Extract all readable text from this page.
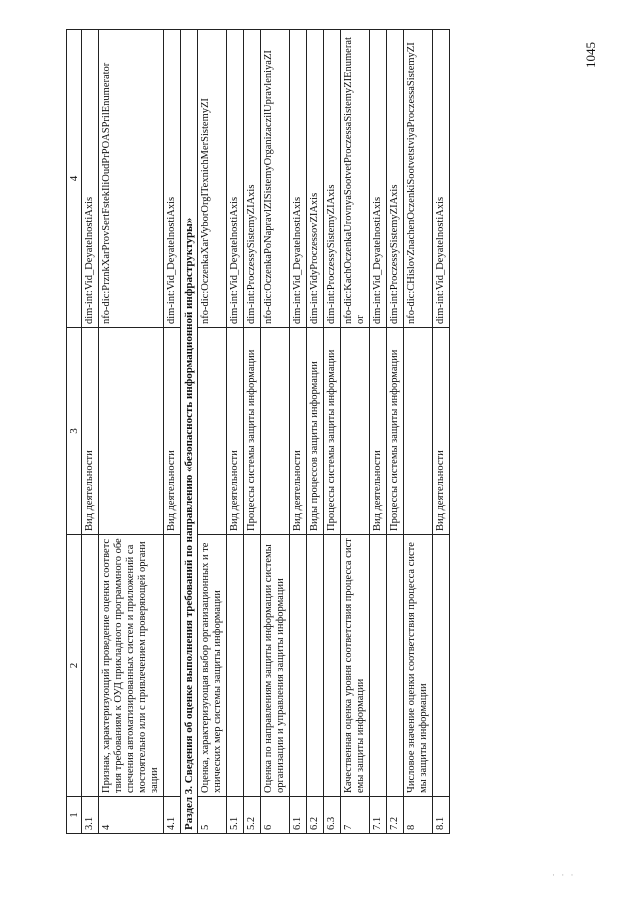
1045
1	2	3	4
3.1		Вид деятельности	dim-int:Vid_DeyatelnostiAxis
4	Признак, характеризующий проведение оценки соответствия требованиям к ОУД прикладного программного обеспечения автоматизированных систем и приложений самостоятельно или с привлечением проверяющей организации		nfo-dic:PrznkXarProvSertFstekIliOudPrPOASPrilEnumerator
4.1		Вид деятельности	dim-int:Vid_DeyatelnostiAxis
Раздел 3. Сведения об оценке выполнения требований по направлению «безопасность информационной инфраструктуры»			
5	Оценка, характеризующая выбор организационных и технических мер системы защиты информации		nfo-dic:OczenkaXarVyborOrgITexnichMerSistemyZI
5.1		Вид деятельности	dim-int:Vid_DeyatelnostiAxis
5.2		Процессы системы защиты информации	dim-int:ProczessySistemyZIAxis
6	Оценка по направлениям защиты информации системы организации и управления защиты информации		nfo-dic:OczenkaPoNapravlZISistemyOrganizaczilUpravleniyaZI
6.1		Вид деятельности	dim-int:Vid_DeyatelnostiAxis
6.2		Виды процессов защиты информации	dim-int:VidyProczessovZIAxis
6.3		Процессы системы защиты информации	dim-int:ProczessySistemyZIAxis
7	Качественная оценка уровня соответствия процесса системы защиты информации		nfo-dic:KachOczenkaUrovnyaSootvetProczessaSistemyZIEnumerator
7.1		Вид деятельности	dim-int:Vid_DeyatelnostiAxis
7.2		Процессы системы защиты информации	dim-int:ProczessySistemyZIAxis
8	Числовое значение оценки соответствия процесса системы защиты информации		nfo-dic:CHislovZnachenOczenkiSootvetstviyaProczessaSistemyZI
8.1		Вид деятельности	dim-int:Vid_DeyatelnostiAxis
· · ·
